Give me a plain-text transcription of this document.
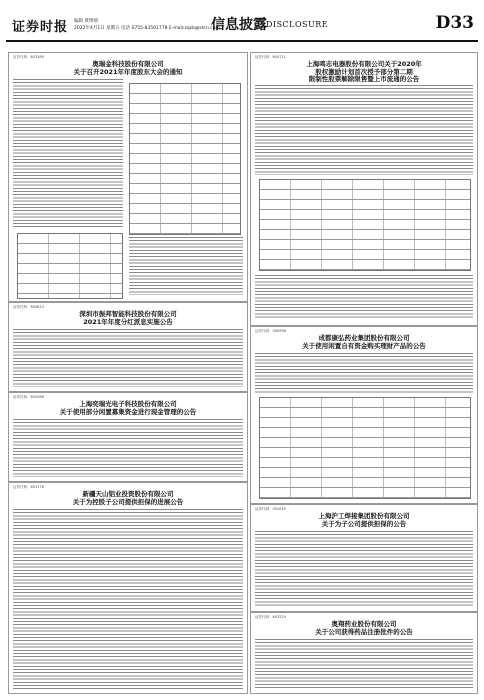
证券时报 编辑 黄博瑞
2022年4月1日 星期五 电话 0755-83501778 E-mail:zqsb@stcn.com
信息披露 DISCLOSURE	D33
证券代码：603189
奥瑞金科技股份有限公司
关于召开2021年年度股东大会的通知
证券代码：600613
深圳市振邦智能科技股份有限公司
2021年年度分红派息实施公告
证券代码：603088
上海奕瑞光电子科技股份有限公司
关于使用部分闲置募集资金进行现金管理的公告
证券代码：603176
新疆天山铝业投资股份有限公司
关于为控股子公司提供担保的进展公告
证券代码：600711
上海鸣志电器股份有限公司关于2020年
股权激励计划首次授予部分第二期
限制性股票解除限售暨上市流通的公告
证券代码：300596
成都康弘药业集团股份有限公司
关于使用闲置自有资金购买理财产品的公告
证券代码：002049
上海沪工焊接集团股份有限公司
关于为子公司提供担保的公告
证券代码：603229
奥翔药业股份有限公司
关于公司获得药品注册批件的公告
